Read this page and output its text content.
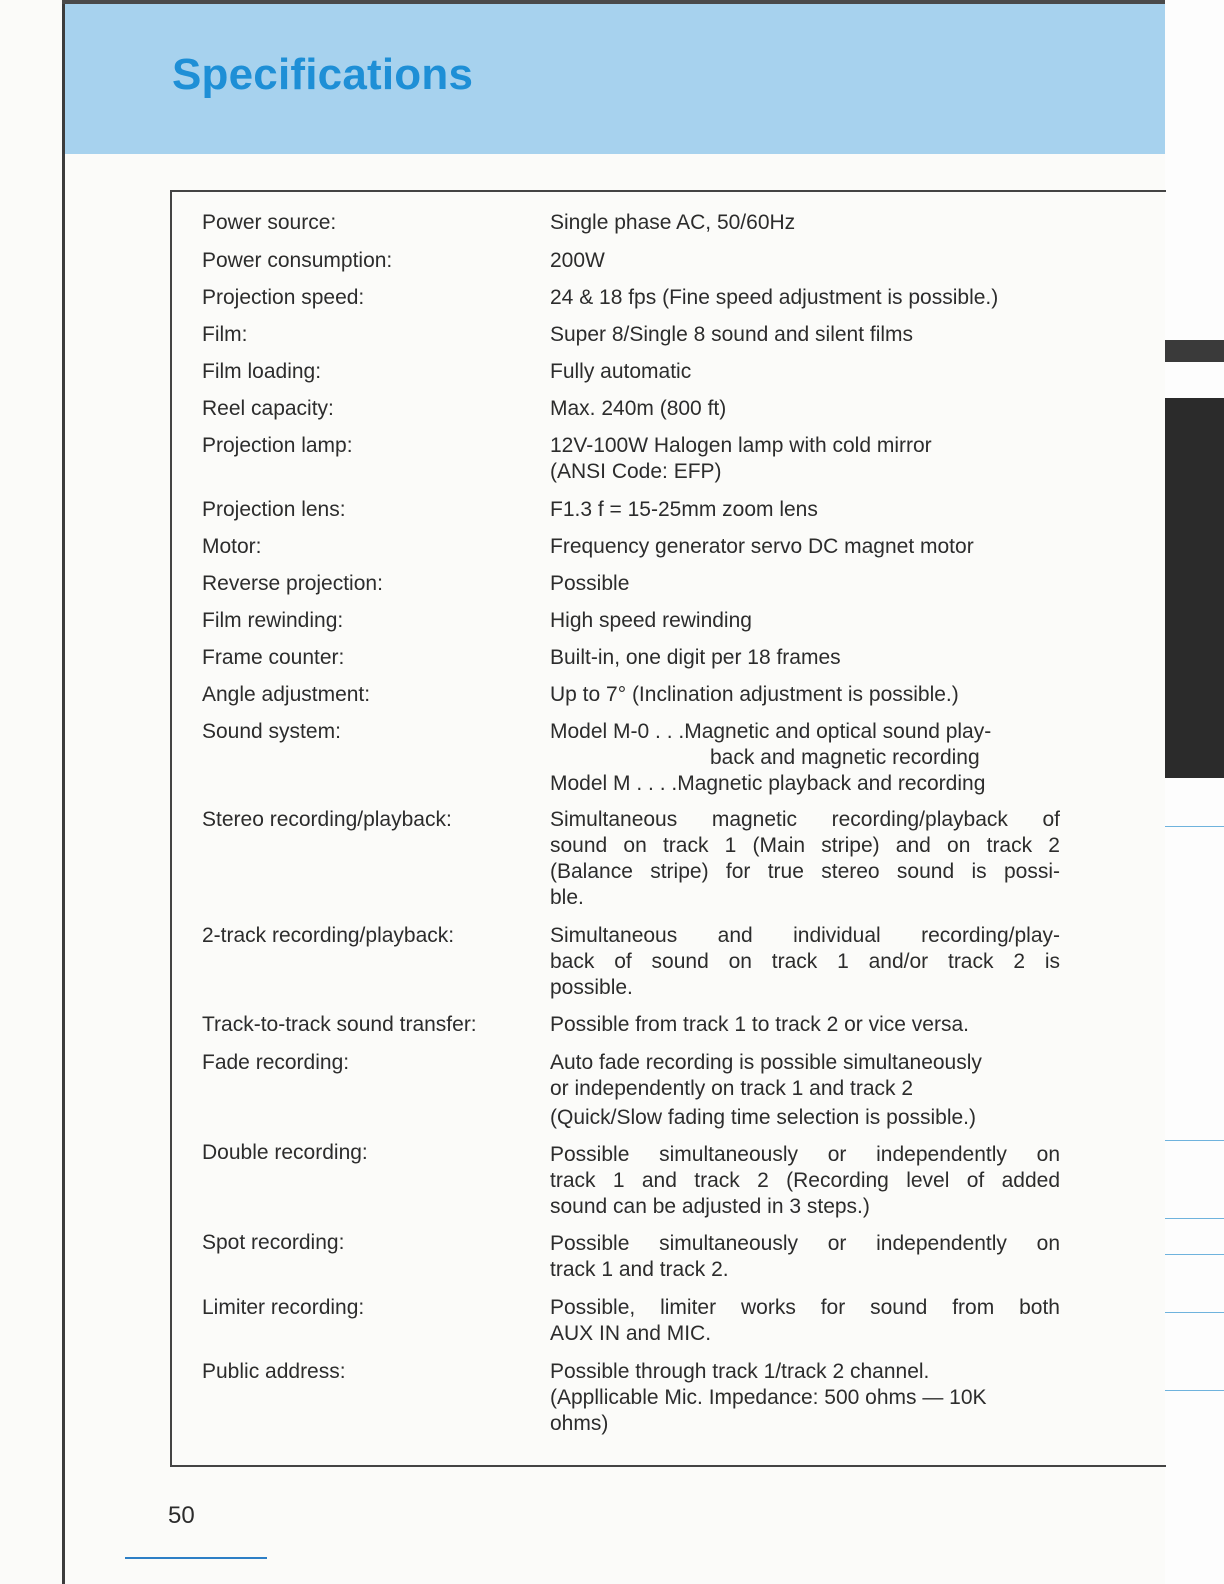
Specifications
Power source:
Power consumption:
Projection speed:
Film:
Film loading:
Reel capacity:
Projection lamp:
Projection lens:
Motor:
Reverse projection:
Film rewinding:
Frame counter:
Angle adjustment:
Sound system:
Stereo recording/playback:
2-track recording/playback:
Track-to-track sound transfer:
Fade recording:
Double recording:
Spot recording:
Limiter recording:
Public address:
Single phase AC, 50/60Hz
200W
24 & 18 fps (Fine speed adjustment is possible.)
Super 8/Single 8 sound and silent films
Fully automatic
Max. 240m (800 ft)
12V-100W Halogen lamp with cold mirror
(ANSI Code: EFP)
F1.3 f = 15-25mm zoom lens
Frequency generator servo DC magnet motor
Possible
High speed rewinding
Built-in, one digit per 18 frames
Up to 7° (Inclination adjustment is possible.)
Model M-0 . . .Magnetic and optical sound play-
back and magnetic recording
Model M . . . .Magnetic playback and recording
Simultaneous magnetic recording/playback of
sound on track 1 (Main stripe) and on track 2
(Balance stripe) for true stereo sound is possi-
ble.
Simultaneous and individual recording/play-
back of sound on track 1 and/or track 2 is
possible.
Possible from track 1 to track 2 or vice versa.
Auto fade recording is possible simultaneously
or independently on track 1 and track 2
(Quick/Slow fading time selection is possible.)
Possible simultaneously or independently on
track 1 and track 2 (Recording level of added
sound can be adjusted in 3 steps.)
Possible simultaneously or independently on
track 1 and track 2.
Possible, limiter works for sound from both
AUX IN and MIC.
Possible through track 1/track 2 channel.
(Appllicable Mic. Impedance: 500 ohms — 10K
ohms)
50
